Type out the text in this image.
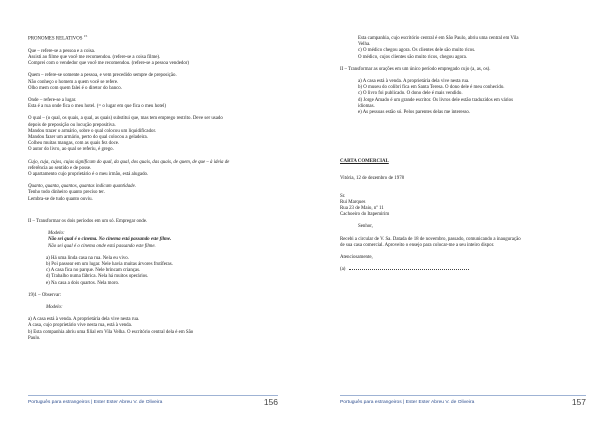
PRONOMES RELATIVOS $^{15}$

Que – refere-se a pessoa e a coisa.

Assisti ao filme que você me recomendou. (refere-se a coisa filme).

Comprei com o vendedor que você me recomendou. (refere-se a pessoa vendedor)

Quem – refere-se somente a pessoa, e vem precedido sempre de preposição.

Não conheço o homem a quem você se refere.

Olho mem com quem falei é o diretor do banco.

Onde – refere-se a lugar.

Esta é a rua onde fica o meu hotel. (= o lugar em que fica o meu hotel)

O qual – (o qual, os quais, a qual, as quais) substitui que, mas tem emprego restrito. Deve ser usado

depois de preposição ou locução prepositiva.

Mandou trazer o armário, sobre o qual colocou um liquidificador.

Mandou fazer um armário, perto do qual colocou a geladeira.

Colheu muitas mangas, com as quais fez doce.

O autor do livro, ao qual se referiu, é grego.

Cujo, cuja, cujos, cujas significam do qual, da qual, dos quais, das quais, de quem, de que – à ideia de

referência ao sentido e de posse.

O apartamento cujo proprietário é o meu irmão, está alugado.

Quanto, quanta, quantos, quantas indicam quantidade.

Tenho todo dinheiro quanto preciso ter.

Lembra-se de tudo quanto ouviu.

II – Transformar os dois períodos em um só. Empregar onde.

Modelo:

Não sei qual é o cinema. No cinema está passando este filme.

Não sei qual é o cinema onde está passando este filme.

a) Há uma linda casa na rua. Nela eu vivo.

b) Poi passear em um lugar. Nele havia muitas árvores frutíferas.

c) A casa fica no parque. Nele brincam crianças.

d) Trabalho numa fábrica. Nela há muitos operários.

e) Na casa a dois quartos. Nela moro.

19)1 – Observar:

Modelo:

a) A casa está à venda. A proprietária dela vive nesta rua.

A casa, cujo proprietário vive nesta rua, está à venda.

b) Esta companhia abriu uma filial em Vila Velha. O escritório central dela é em São

Paulo.

Português para estrangeiros | Ester Ester Abreu V. de Oliveira	156

Esta campanhia, cujo escritório central é em São Paulo, abriu uma central em Vila

Velha.

c) O médico chegou agora. Os clientes dele são muito ricos.

O médico, cujos clientes são muito ricos, chegou agora.

II – Transformar as orações em um único período empregado cujo (a, as, os).

a) A casa está à venda. A proprietária dela vive nesta rua.

b) O museu do colibri fica em Santa Teresa. O dono dele é meu conhecido.

c) O livro foi publicado. O dono dele é mais vendido.

d) Jorge Amado é um grande escritor. Os livros dele estão traduzidos em vários

idiomas.

e) As pessoas estão só. Pelos parentes delas me interesso.

CARTA COMERCIAL

Vitória, 12 de dezembro de 1978

Sr.

Rui Marques

Rua 23 de Maio, nº 11

Cachoeiro do Itapemirim

Senhor,

Recebi a circular de V. Sa. Datada de 18 de novembro, passado, comunicando a inauguração

de sua casa comercial. Aproveito o ensejo para colocar-me a seu inteiro dispor.

Atenciosamente,

(a)

Português para estrangeiros | Ester Ester Abreu V. de Oliveira	157
